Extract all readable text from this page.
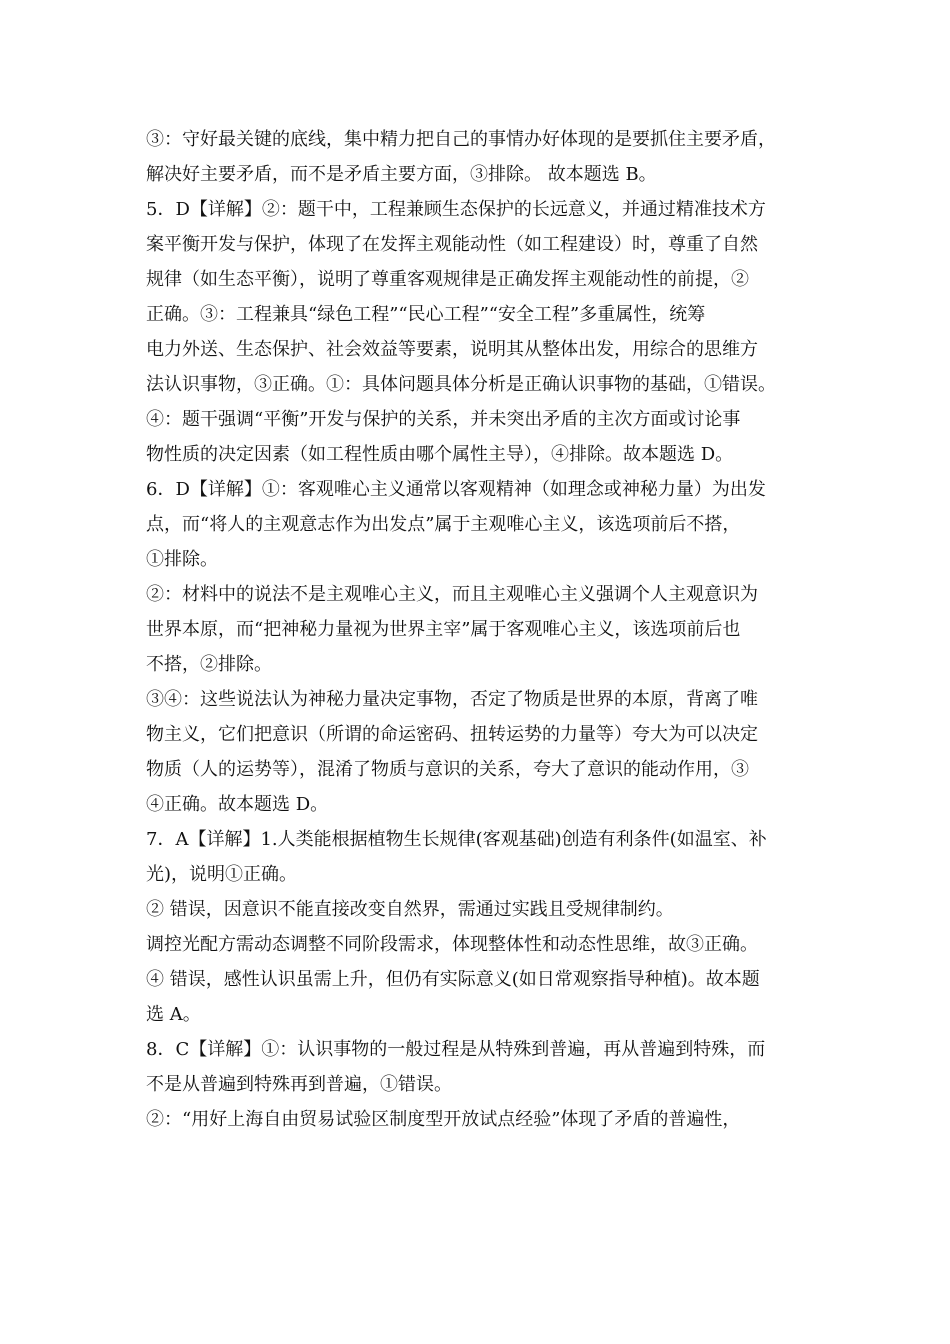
③：守好最关键的底线，集中精力把自己的事情办好体现的是要抓住主要矛盾，
解决好主要矛盾，而不是矛盾主要方面，③排除。 故本题选 B。
5．D【详解】②：题干中，工程兼顾生态保护的长远意义，并通过精准技术方
案平衡开发与保护，体现了在发挥主观能动性（如工程建设）时，尊重了自然
规律（如生态平衡），说明了尊重客观规律是正确发挥主观能动性的前提，②
正确。③：工程兼具“绿色工程”“民心工程”“安全工程”多重属性，统筹
电力外送、生态保护、社会效益等要素，说明其从整体出发，用综合的思维方
法认识事物，③正确。①：具体问题具体分析是正确认识事物的基础，①错误。
④：题干强调“平衡”开发与保护的关系，并未突出矛盾的主次方面或讨论事
物性质的决定因素（如工程性质由哪个属性主导），④排除。故本题选 D。
6．D【详解】①：客观唯心主义通常以客观精神（如理念或神秘力量）为出发
点，而“将人的主观意志作为出发点”属于主观唯心主义，该选项前后不搭，
①排除。
②：材料中的说法不是主观唯心主义，而且主观唯心主义强调个人主观意识为
世界本原，而“把神秘力量视为世界主宰”属于客观唯心主义，该选项前后也
不搭，②排除。
③④：这些说法认为神秘力量决定事物，否定了物质是世界的本原，背离了唯
物主义，它们把意识（所谓的命运密码、扭转运势的力量等）夸大为可以决定
物质（人的运势等），混淆了物质与意识的关系，夸大了意识的能动作用，③
④正确。故本题选 D。
7．A【详解】1.人类能根据植物生长规律(客观基础)创造有利条件(如温室、补
光)，说明①正确。
② 错误，因意识不能直接改变自然界，需通过实践且受规律制约。
调控光配方需动态调整不同阶段需求，体现整体性和动态性思维，故③正确。
④ 错误，感性认识虽需上升，但仍有实际意义(如日常观察指导种植)。故本题
选 A。
8．C【详解】①：认识事物的一般过程是从特殊到普遍，再从普遍到特殊，而
不是从普遍到特殊再到普遍，①错误。
②：“用好上海自由贸易试验区制度型开放试点经验”体现了矛盾的普遍性，
